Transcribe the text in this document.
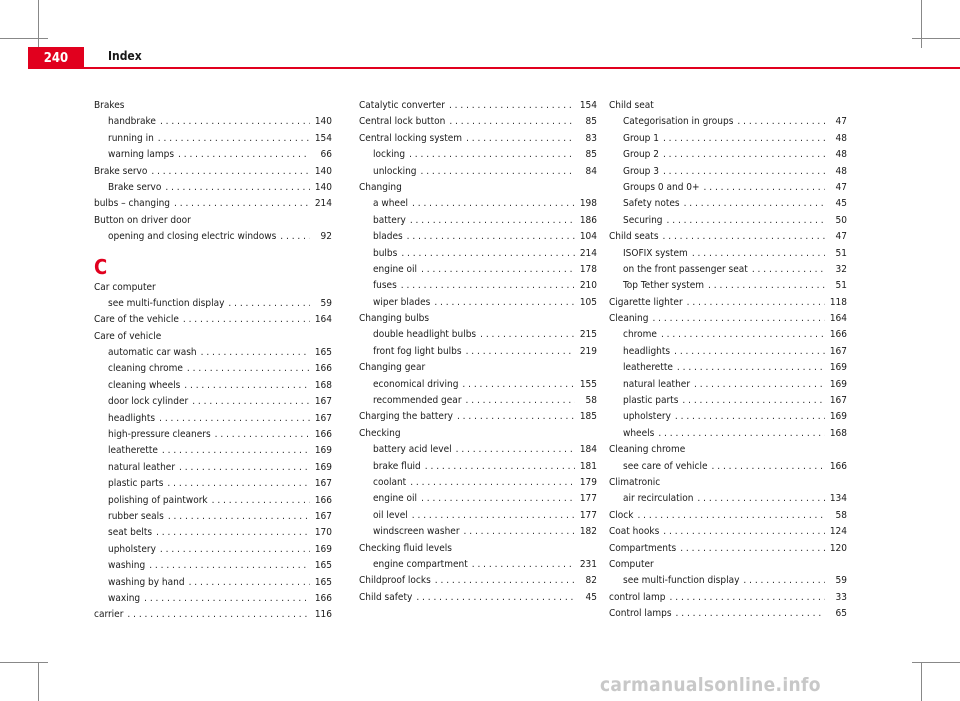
240	Index
Brakes
handbrake . . .	140
running in . . .	154
warning lamps . . .	66
Brake servo . . .	140
Brake servo . . .	140
bulbs – changing . . .	214
Button on driver door
opening and closing electric windows . . .	92
C
Car computer
see multi-function display . . .	59
Care of the vehicle . . .	164
Care of vehicle
automatic car wash . . .	165
cleaning chrome . . .	166
cleaning wheels . . .	168
door lock cylinder . . .	167
headlights . . .	167
high-pressure cleaners . . .	166
leatherette . . .	169
natural leather . . .	169
plastic parts . . .	167
polishing of paintwork . . .	166
rubber seals . . .	167
seat belts . . .	170
upholstery . . .	169
washing . . .	165
washing by hand . . .	165
waxing . . .	166
carrier . . .	116
Catalytic converter . . .	154
Central lock button . . .	85
Central locking system . . .	83
locking . . .	85
unlocking . . .	84
Changing
a wheel . . .	198
battery . . .	186
blades . . .	104
bulbs . . .	214
engine oil . . .	178
fuses . . .	210
wiper blades . . .	105
Changing bulbs
double headlight bulbs . . .	215
front fog light bulbs . . .	219
Changing gear
economical driving . . .	155
recommended gear . . .	58
Charging the battery . . .	185
Checking
battery acid level . . .	184
brake fluid . . .	181
coolant . . .	179
engine oil . . .	177
oil level . . .	177
windscreen washer . . .	182
Checking fluid levels
engine compartment . . .	231
Childproof locks . . .	82
Child safety . . .	45
Child seat
Categorisation in groups . . .	47
Group 1 . . .	48
Group 2 . . .	48
Group 3 . . .	48
Groups 0 and 0+ . . .	47
Safety notes . . .	45
Securing . . .	50
Child seats . . .	47
ISOFIX system . . .	51
on the front passenger seat . . .	32
Top Tether system . . .	51
Cigarette lighter . . .	118
Cleaning . . .	164
chrome . . .	166
headlights . . .	167
leatherette . . .	169
natural leather . . .	169
plastic parts . . .	167
upholstery . . .	169
wheels . . .	168
Cleaning chrome
see care of vehicle . . .	166
Climatronic
air recirculation . . .	134
Clock . . .	58
Coat hooks . . .	124
Compartments . . .	120
Computer
see multi-function display . . .	59
control lamp . . .	33
Control lamps . . .	65
carmanualsonline.info
